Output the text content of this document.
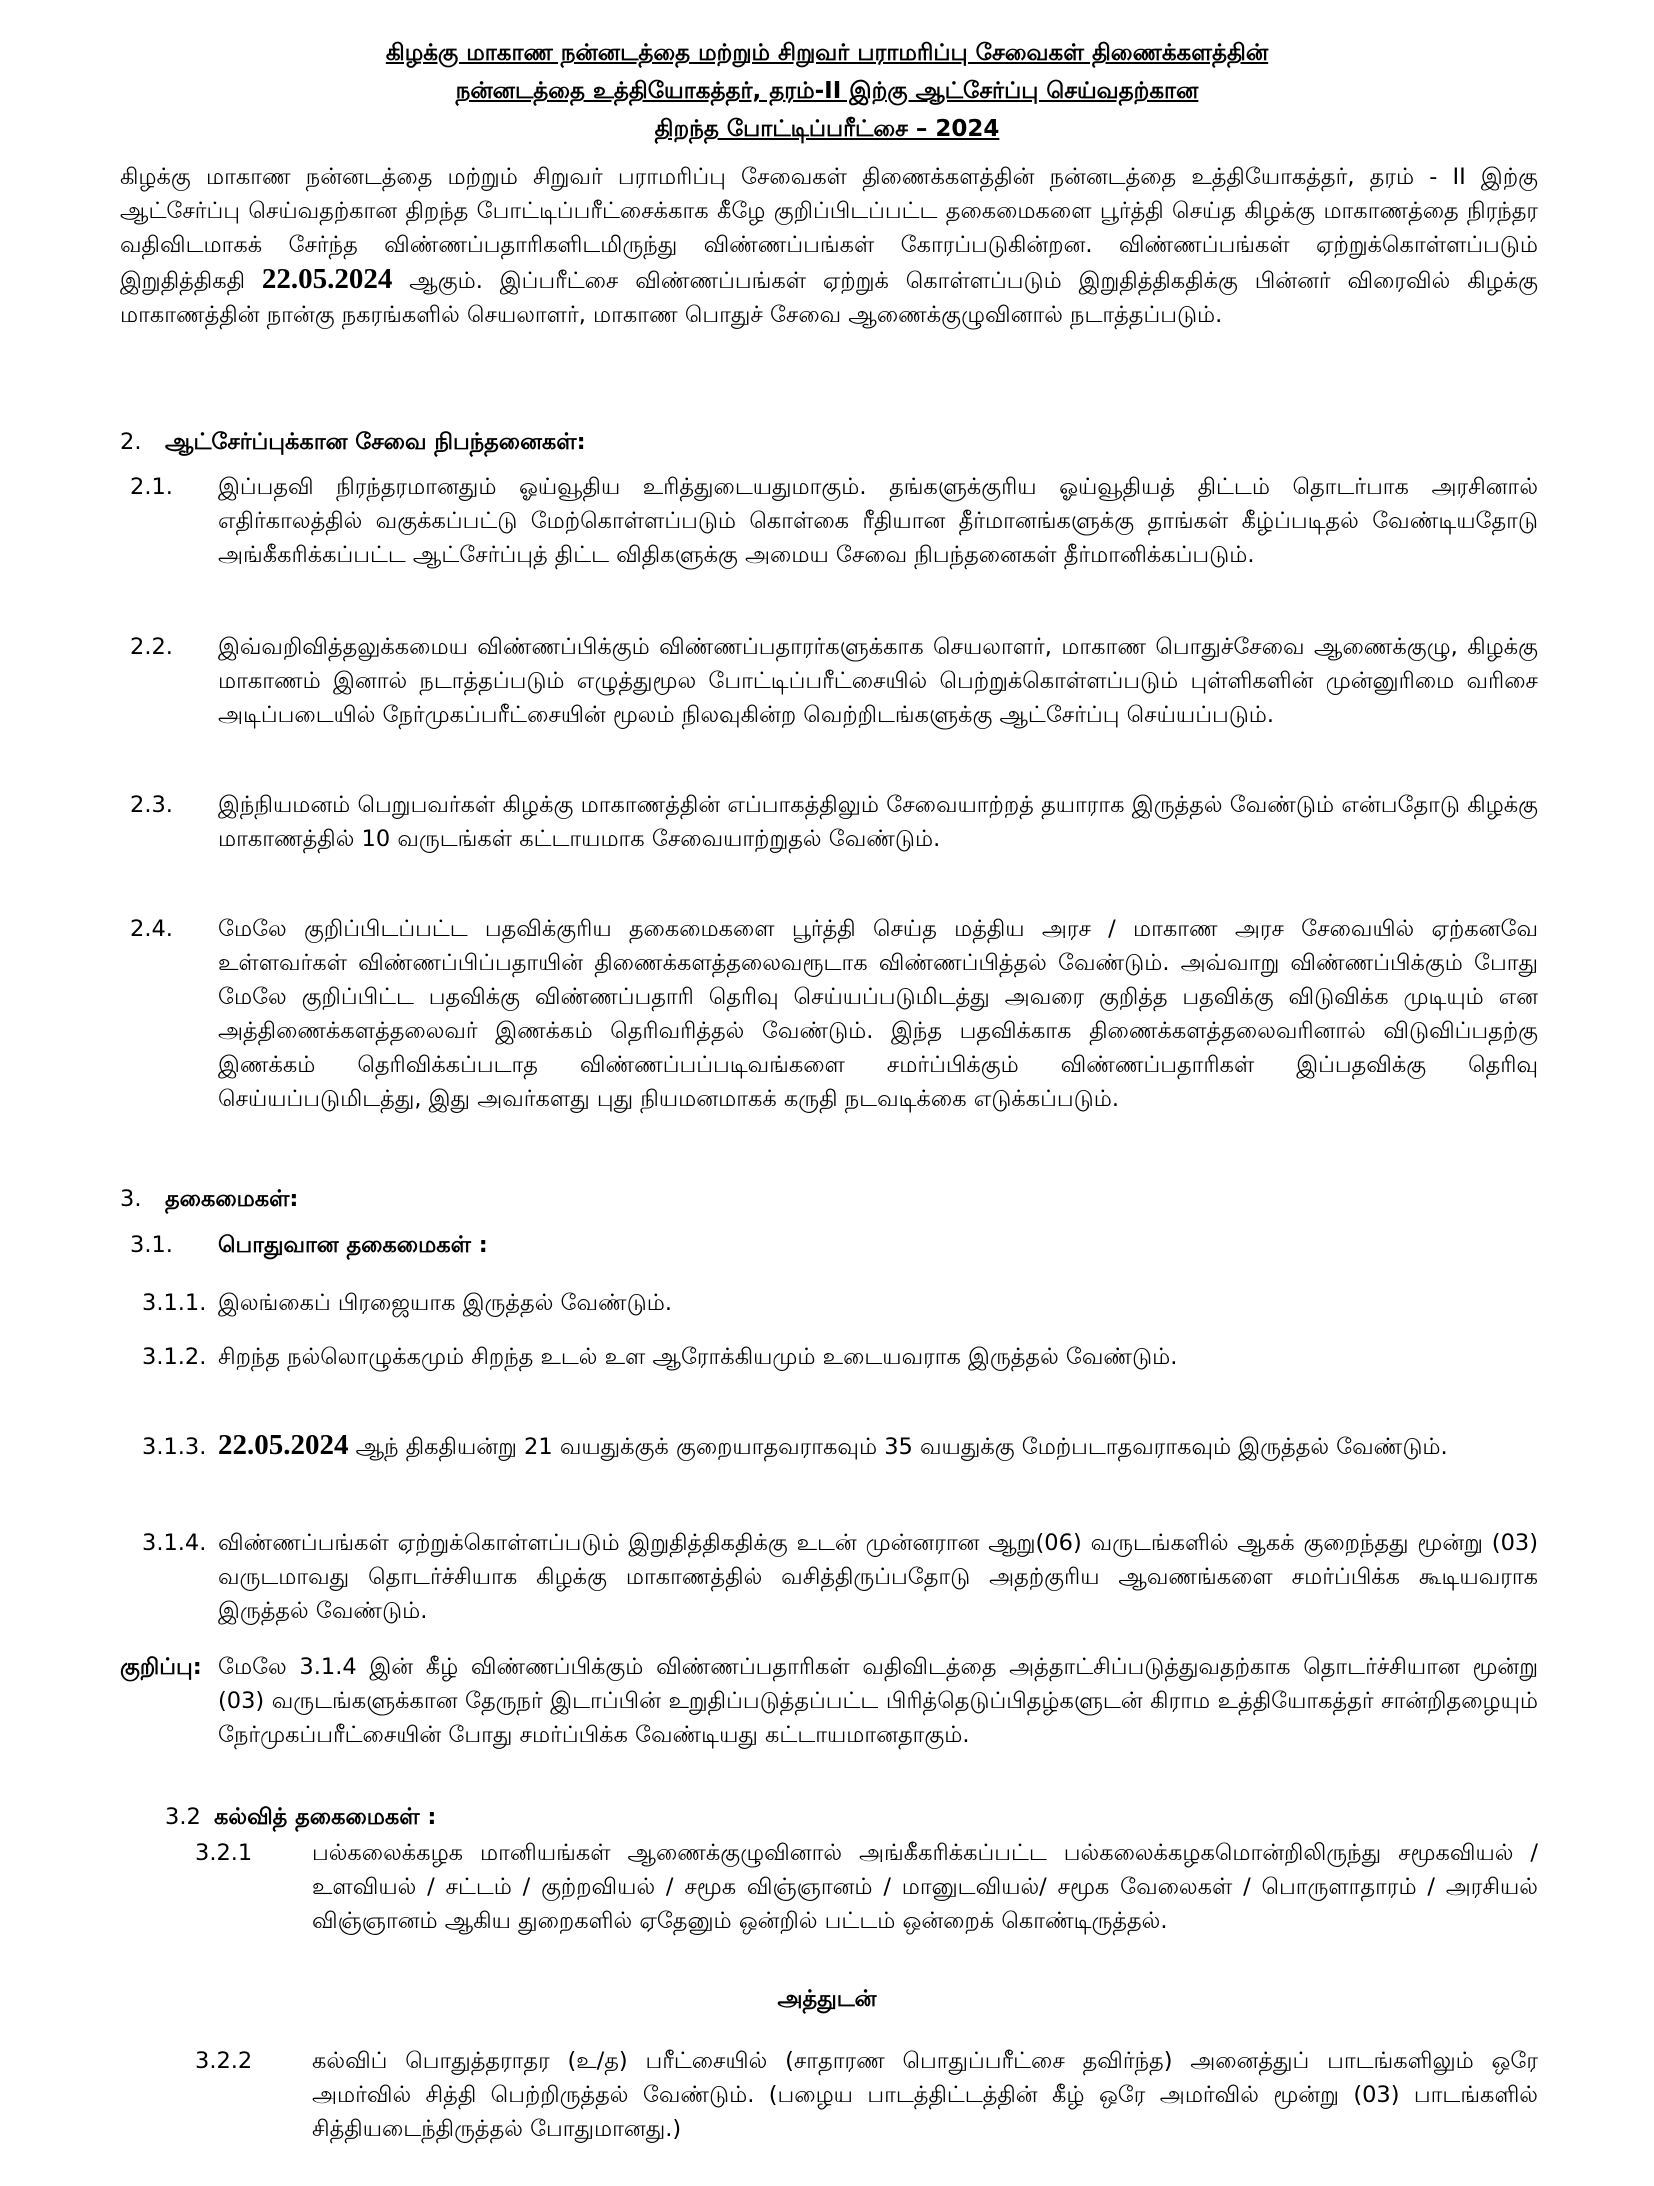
கிழக்கு மாகாண நன்னடத்தை மற்றும் சிறுவர் பராமரிப்பு சேவைகள் திணைக்களத்தின்
நன்னடத்தை உத்தியோகத்தர், தரம்-II இற்கு ஆட்சேர்ப்பு செய்வதற்கான
திறந்த போட்டிப்பரீட்சை – 2024
கிழக்கு மாகாண நன்னடத்தை மற்றும் சிறுவர் பராமரிப்பு சேவைகள் திணைக்களத்தின் நன்னடத்தை உத்தியோகத்தர், தரம் - II இற்கு ஆட்சேர்ப்பு செய்வதற்கான திறந்த போட்டிப்பரீட்சைக்காக கீழே குறிப்பிடப்பட்ட தகைமைகளை பூர்த்தி செய்த கிழக்கு மாகாணத்தை நிரந்தர வதிவிடமாகக் சேர்ந்த விண்ணப்பதாரிகளிடமிருந்து விண்ணப்பங்கள் கோரப்படுகின்றன. விண்ணப்பங்கள் ஏற்றுக்கொள்ளப்படும் இறுதித்திகதி 22.05.2024 ஆகும். இப்பரீட்சை விண்ணப்பங்கள் ஏற்றுக் கொள்ளப்படும் இறுதித்திகதிக்கு பின்னர் விரைவில் கிழக்கு மாகாணத்தின் நான்கு நகரங்களில் செயலாளர், மாகாண பொதுச் சேவை ஆணைக்குழுவினால் நடாத்தப்படும்.
2. ஆட்சேர்ப்புக்கான சேவை நிபந்தனைகள்:
2.1. இப்பதவி நிரந்தரமானதும் ஓய்வூதிய உரித்துடையதுமாகும். தங்களுக்குரிய ஓய்வூதியத் திட்டம் தொடர்பாக அரசினால் எதிர்காலத்தில் வகுக்கப்பட்டு மேற்கொள்ளப்படும் கொள்கை ரீதியான தீர்மானங்களுக்கு தாங்கள் கீழ்ப்படிதல் வேண்டியதோடு அங்கீகரிக்கப்பட்ட ஆட்சேர்ப்புத் திட்ட விதிகளுக்கு அமைய சேவை நிபந்தனைகள் தீர்மானிக்கப்படும்.
2.2. இவ்வறிவித்தலுக்கமைய விண்ணப்பிக்கும் விண்ணப்பதாரர்களுக்காக செயலாளர், மாகாண பொதுச்சேவை ஆணைக்குழு, கிழக்கு மாகாணம் இனால் நடாத்தப்படும் எழுத்துமூல போட்டிப்பரீட்சையில் பெற்றுக்கொள்ளப்படும் புள்ளிகளின் முன்னுரிமை வரிசை அடிப்படையில் நேர்முகப்பரீட்சையின் மூலம் நிலவுகின்ற வெற்றிடங்களுக்கு ஆட்சேர்ப்பு செய்யப்படும்.
2.3. இந்நியமனம் பெறுபவர்கள் கிழக்கு மாகாணத்தின் எப்பாகத்திலும் சேவையாற்றத் தயாராக இருத்தல் வேண்டும் என்பதோடு கிழக்கு மாகாணத்தில் 10 வருடங்கள் கட்டாயமாக சேவையாற்றுதல் வேண்டும்.
2.4. மேலே குறிப்பிடப்பட்ட பதவிக்குரிய தகைமைகளை பூர்த்தி செய்த மத்திய அரச / மாகாண அரச சேவையில் ஏற்கனவே உள்ளவர்கள் விண்ணப்பிப்பதாயின் திணைக்களத்தலைவரூடாக விண்ணப்பித்தல் வேண்டும். அவ்வாறு விண்ணப்பிக்கும் போது மேலே குறிப்பிட்ட பதவிக்கு விண்ணப்பதாரி தெரிவு செய்யப்படுமிடத்து அவரை குறித்த பதவிக்கு விடுவிக்க முடியும் என அத்திணைக்களத்தலைவர் இணக்கம் தெரிவரித்தல் வேண்டும். இந்த பதவிக்காக திணைக்களத்தலைவரினால் விடுவிப்பதற்கு இணக்கம் தெரிவிக்கப்படாத விண்ணப்பப்படிவங்களை சமர்ப்பிக்கும் விண்ணப்பதாரிகள் இப்பதவிக்கு தெரிவு செய்யப்படுமிடத்து, இது அவர்களது புது நியமனமாகக் கருதி நடவடிக்கை எடுக்கப்படும்.
3. தகைமைகள்:
3.1. பொதுவான தகைமைகள் :
3.1.1. இலங்கைப் பிரஜையாக இருத்தல் வேண்டும்.
3.1.2. சிறந்த நல்லொழுக்கமும் சிறந்த உடல் உள ஆரோக்கியமும் உடையவராக இருத்தல் வேண்டும்.
3.1.3. 22.05.2024 ஆந் திகதியன்று 21 வயதுக்குக் குறையாதவராகவும் 35 வயதுக்கு மேற்படாதவராகவும் இருத்தல் வேண்டும்.
3.1.4. விண்ணப்பங்கள் ஏற்றுக்கொள்ளப்படும் இறுதித்திகதிக்கு உடன் முன்னரான ஆறு(06) வருடங்களில் ஆகக் குறைந்தது மூன்று (03) வருடமாவது தொடர்ச்சியாக கிழக்கு மாகாணத்தில் வசித்திருப்பதோடு அதற்குரிய ஆவணங்களை சமர்ப்பிக்க கூடியவராக இருத்தல் வேண்டும்.
குறிப்பு: மேலே 3.1.4 இன் கீழ் விண்ணப்பிக்கும் விண்ணப்பதாரிகள் வதிவிடத்தை அத்தாட்சிப்படுத்துவதற்காக தொடர்ச்சியான மூன்று (03) வருடங்களுக்கான தேருநர் இடாப்பின் உறுதிப்படுத்தப்பட்ட பிரித்தெடுப்பிதழ்களுடன் கிராம உத்தியோகத்தர் சான்றிதழையும் நேர்முகப்பரீட்சையின் போது சமர்ப்பிக்க வேண்டியது கட்டாயமானதாகும்.
3.2 கல்வித் தகைமைகள் :
3.2.1	பல்கலைக்கழக மானியங்கள் ஆணைக்குழுவினால் அங்கீகரிக்கப்பட்ட பல்கலைக்கழகமொன்றிலிருந்து சமூகவியல் / உளவியல் / சட்டம் / குற்றவியல் / சமூக விஞ்ஞானம் / மானுடவியல்/ சமூக வேலைகள் / பொருளாதாரம் / அரசியல் விஞ்ஞானம் ஆகிய துறைகளில் ஏதேனும் ஒன்றில் பட்டம் ஒன்றைக் கொண்டிருத்தல்.
அத்துடன்
3.2.2	கல்விப் பொதுத்தராதர (உ/த) பரீட்சையில் (சாதாரண பொதுப்பரீட்சை தவிர்ந்த) அனைத்துப் பாடங்களிலும் ஒரே அமர்வில் சித்தி பெற்றிருத்தல் வேண்டும். (பழைய பாடத்திட்டத்தின் கீழ் ஒரே அமர்வில் மூன்று (03) பாடங்களில் சித்தியடைந்திருத்தல் போதுமானது.)
